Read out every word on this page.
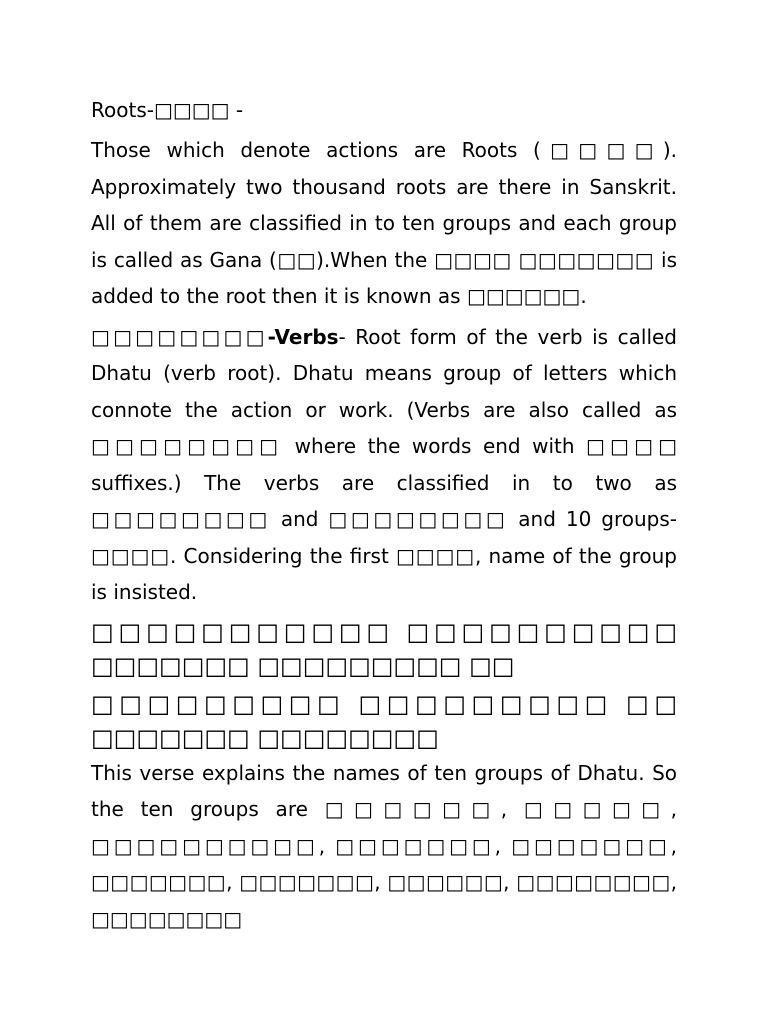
Roots-□□□□ -

Those which denote actions are Roots (□□□□). Approximately two thousand roots are there in Sanskrit. All of them are classified in to ten groups and each group is called as Gana (□□).When the □□□□ □□□□□□□ is added to the root then it is known as □□□□□□.

□□□□□□□□-Verbs- Root form of the verb is called Dhatu (verb root). Dhatu means group of letters which connote the action or work. (Verbs are also called as □□□□□□□□ where the words end with □□□□ suffixes.) The verbs are classified in to two as □□□□□□□□ and □□□□□□□□ and 10 groups- □□□□. Considering the first □□□□, name of the group is insisted.

□□□□□□□□□□□ □□□□□□□□□□ □□□□□□□ □□□□□□□□□ □□

□□□□□□□□□ □□□□□□□□□ □□ □□□□□□□ □□□□□□□□

This verse explains the names of ten groups of Dhatu. So the ten groups are □□□□□□, □□□□□, □□□□□□□□□□, □□□□□□□, □□□□□□□, □□□□□□□, □□□□□□□, □□□□□□, □□□□□□□□, □□□□□□□□
